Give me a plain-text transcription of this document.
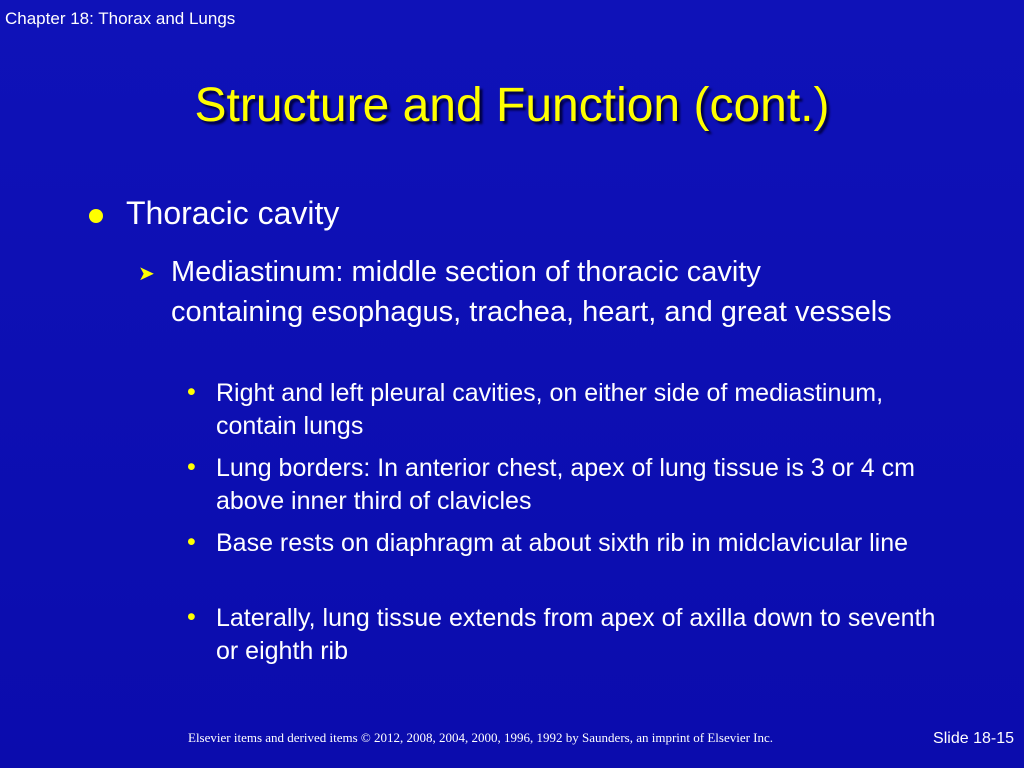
Chapter 18: Thorax and Lungs
Structure and Function (cont.)
Thoracic cavity
➤ Mediastinum: middle section of thoracic cavity containing esophagus, trachea, heart, and great vessels
• Right and left pleural cavities, on either side of mediastinum, contain lungs
• Lung borders: In anterior chest, apex of lung tissue is 3 or 4 cm above inner third of clavicles
• Base rests on diaphragm at about sixth rib in midclavicular line
• Laterally, lung tissue extends from apex of axilla down to seventh or eighth rib
Elsevier items and derived items © 2012, 2008, 2004, 2000, 1996, 1992 by Saunders, an imprint of Elsevier Inc.	Slide 18-15
